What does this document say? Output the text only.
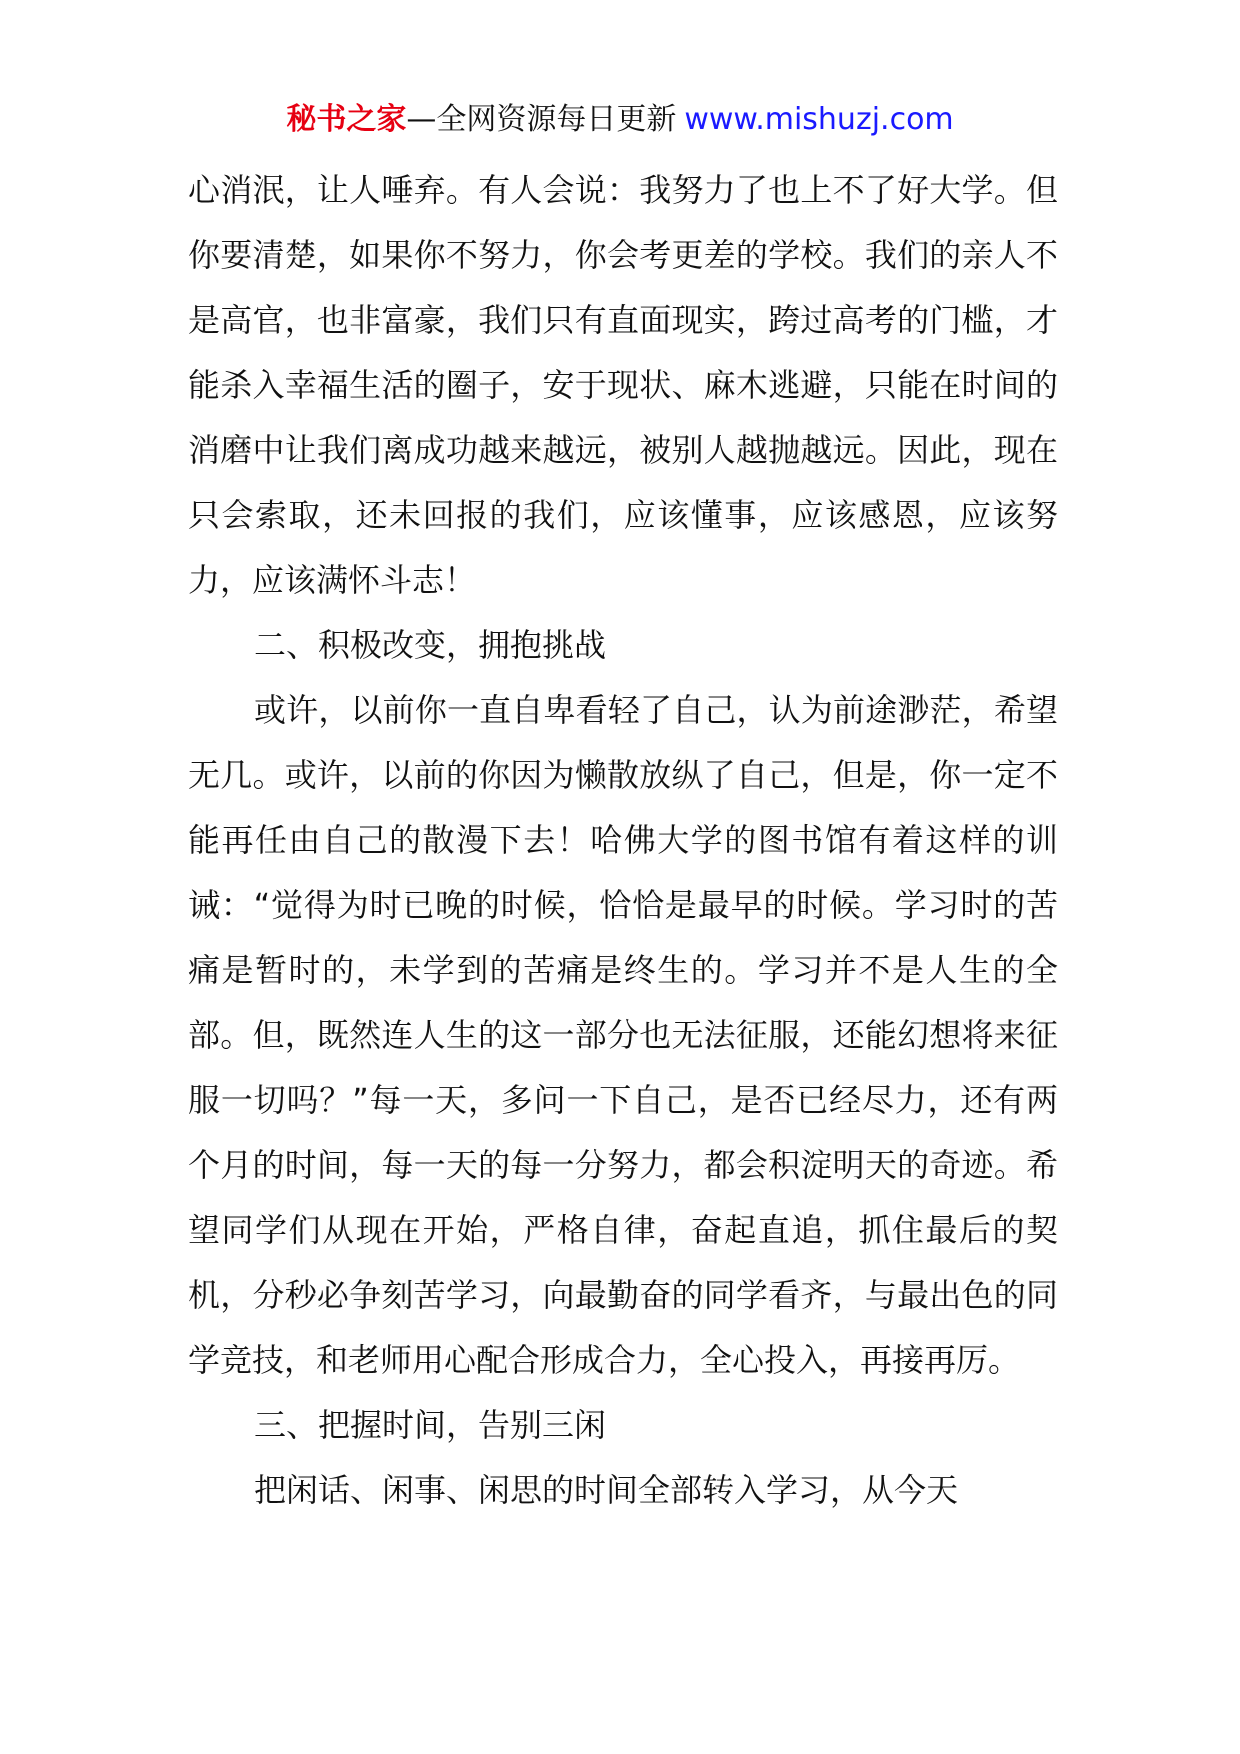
秘书之家—全网资源每日更新 www.mishuzj.com

心消泯，让人唾弃。有人会说：我努力了也上不了好大学。但你要清楚，如果你不努力，你会考更差的学校。我们的亲人不是高官，也非富豪，我们只有直面现实，跨过高考的门槛，才能杀入幸福生活的圈子，安于现状、麻木逃避，只能在时间的消磨中让我们离成功越来越远，被别人越抛越远。因此，现在只会索取，还未回报的我们，应该懂事，应该感恩，应该努力，应该满怀斗志！

二、积极改变，拥抱挑战

或许，以前你一直自卑看轻了自己，认为前途渺茫，希望无几。或许，以前的你因为懒散放纵了自己，但是，你一定不能再任由自己的散漫下去！哈佛大学的图书馆有着这样的训诫：“觉得为时已晚的时候，恰恰是最早的时候。学习时的苦痛是暂时的，未学到的苦痛是终生的。学习并不是人生的全部。但，既然连人生的这一部分也无法征服，还能幻想将来征服一切吗？”每一天，多问一下自己，是否已经尽力，还有两个月的时间，每一天的每一分努力，都会积淀明天的奇迹。希望同学们从现在开始，严格自律，奋起直追，抓住最后的契机，分秒必争刻苦学习，向最勤奋的同学看齐，与最出色的同学竞技，和老师用心配合形成合力，全心投入，再接再厉。

三、把握时间，告别三闲

把闲话、闲事、闲思的时间全部转入学习，从今天
